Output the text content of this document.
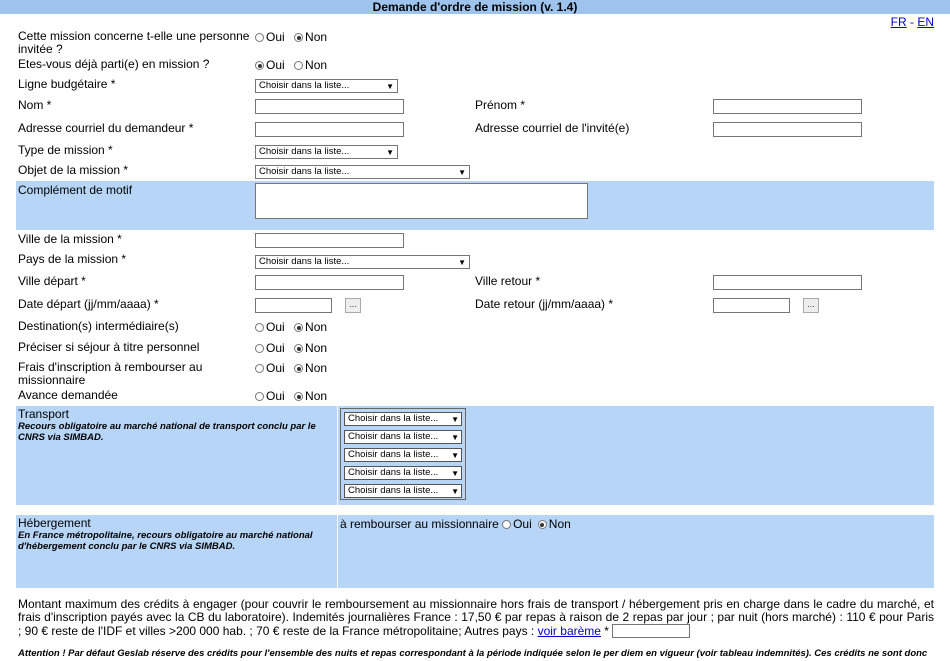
Demande d'ordre de mission (v. 1.4)
FR - EN
Cette mission concerne t-elle une personne invitée ?
Oui Non
Etes-vous déjà parti(e) en mission ?	Oui Non
Ligne budgétaire *	Choisir dans la liste...	▼
Nom *	Prénom *
Adresse courriel du demandeur *	Adresse courriel de l'invité(e)
Type de mission *	Choisir dans la liste...	▼
Objet de la mission *	Choisir dans la liste...	▼
Complément de motif
Ville de la mission *
Pays de la mission *	Choisir dans la liste...	▼
Ville départ *	Ville retour *
Date départ (jj/mm/aaaa) *	...	Date retour (jj/mm/aaaa) *	...
Destination(s) intermédiaire(s)	Oui Non
Préciser si séjour à titre personnel	Oui Non
Frais d'inscription à rembourser au missionnaire
Oui Non
Avance demandée	Oui Non
Transport
Recours obligatoire au marché national de transport conclu par le CNRS via SIMBAD.
Choisir dans la liste... ▼
Choisir dans la liste... ▼
Choisir dans la liste... ▼
Choisir dans la liste... ▼
Choisir dans la liste... ▼
Hébergement
En France métropolitaine, recours obligatoire au marché national d'hébergement conclu par le CNRS via SIMBAD.
à rembourser au missionnaire Oui Non
Montant maximum des crédits à engager (pour couvrir le remboursement au missionnaire hors frais de transport / hébergement pris en charge dans le cadre du marché, et frais d'inscription payés avec la CB du laboratoire). Indemités journalières France : 17,50 € par repas à raison de 2 repas par jour ; par nuit (hors marché) : 110 € pour Paris ; 90 € reste de l'IDF et villes >200 000 hab. ; 70 € reste de la France métropolitaine; Autres pays : voir barème *
Attention ! Par défaut Geslab réserve des crédits pour l'ensemble des nuits et repas correspondant à la période indiquée selon le per diem en vigueur (voir tableau indemnités). Ces crédits ne sont donc
